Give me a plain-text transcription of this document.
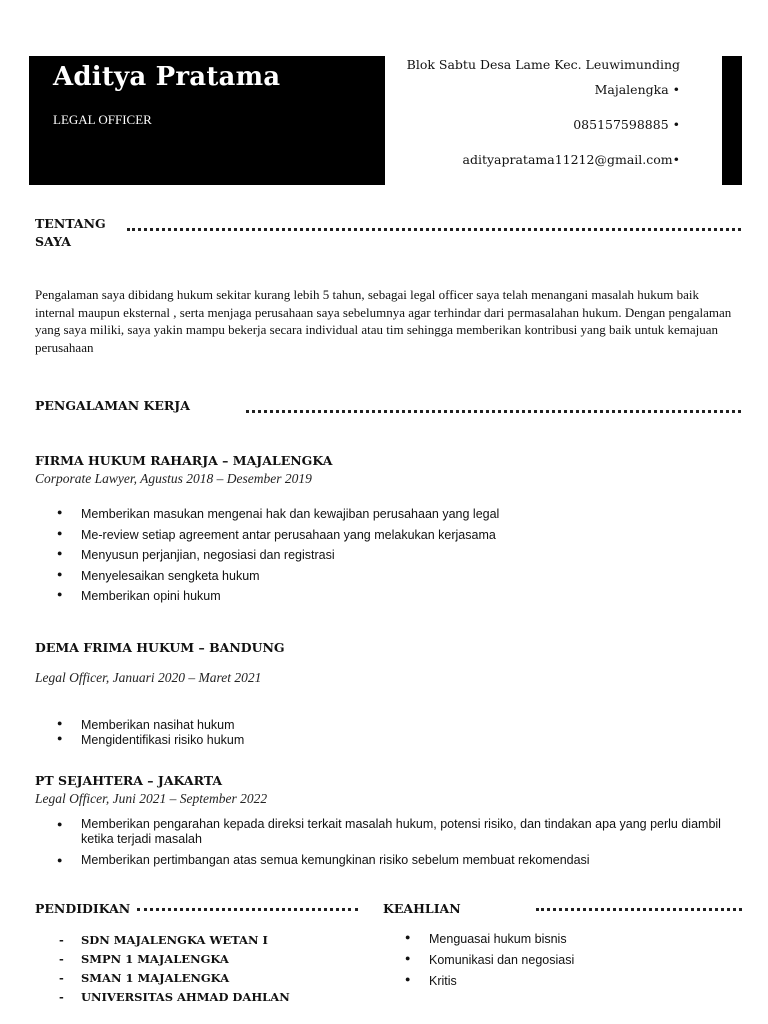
Aditya Pratama
LEGAL OFFICER
Blok Sabtu Desa Lame Kec. Leuwimunding
Majalengka •
085157598885 •
adityapratama11212@gmail.com•
TENTANG
SAYA
Pengalaman saya dibidang hukum sekitar kurang lebih 5 tahun, sebagai legal officer saya telah menangani masalah hukum baik internal maupun eksternal , serta menjaga perusahaan saya sebelumnya agar terhindar dari permasalahan hukum. Dengan pengalaman yang saya miliki, saya yakin mampu bekerja secara individual atau tim sehingga memberikan kontribusi yang baik untuk kemajuan perusahaan
PENGALAMAN KERJA
FIRMA HUKUM RAHARJA – MAJALENGKA
Corporate Lawyer, Agustus 2018 – Desember 2019
● Memberikan masukan mengenai hak dan kewajiban perusahaan yang legal
● Me-review setiap agreement antar perusahaan yang melakukan kerjasama
● Menyusun perjanjian, negosiasi dan registrasi
● Menyelesaikan sengketa hukum
● Memberikan opini hukum
DEMA FRIMA HUKUM – BANDUNG
Legal Officer, Januari 2020 – Maret 2021
● Memberikan nasihat hukum
● Mengidentifikasi risiko hukum
PT SEJAHTERA – JAKARTA
Legal Officer, Juni 2021 – September 2022
● Memberikan pengarahan kepada direksi terkait masalah hukum, potensi risiko, dan tindakan apa yang perlu diambil ketika terjadi masalah
● Memberikan pertimbangan atas semua kemungkinan risiko sebelum membuat rekomendasi
PENDIDIKAN
- SDN MAJALENGKA WETAN I
- SMPN 1 MAJALENGKA
- SMAN 1 MAJALENGKA
- UNIVERSITAS AHMAD DAHLAN
KEAHLIAN
● Menguasai hukum bisnis
● Komunikasi dan negosiasi
● Kritis
